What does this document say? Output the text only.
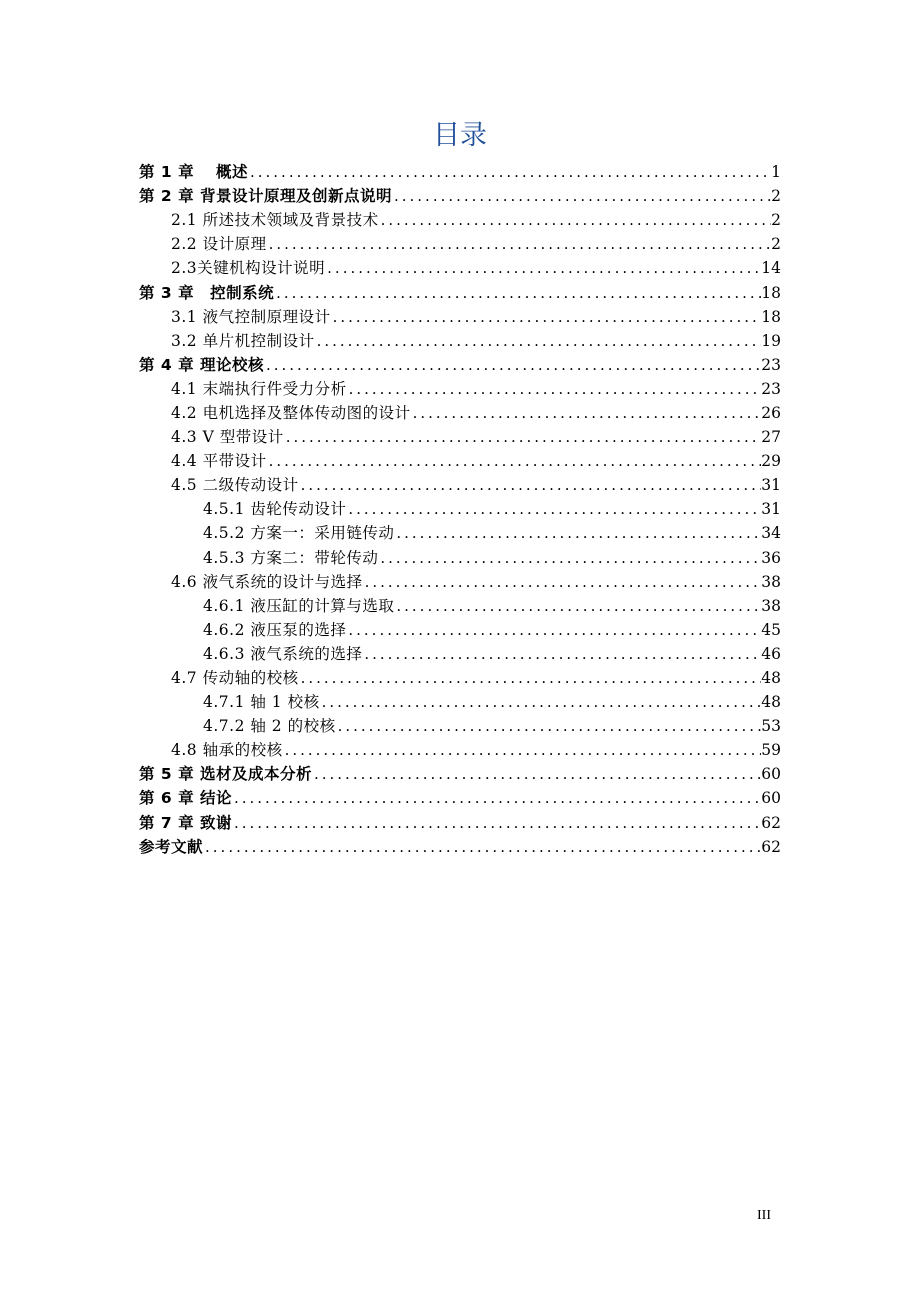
目录
第 1 章　 概述 .....	1
第 2 章 背景设计原理及创新点说明 .....	2
2.1 所述技术领域及背景技术 .....	2
2.2 设计原理 .....	2
2.3关键机构设计说明 .....	14
第 3 章　控制系统 .....	18
3.1 液气控制原理设计 .....	18
3.2 单片机控制设计 .....	19
第 4 章 理论校核 .....	23
4.1 末端执行件受力分析 .....	23
4.2 电机选择及整体传动图的设计 .....	26
4.3 V 型带设计 .....	27
4.4 平带设计 .....	29
4.5 二级传动设计 .....	31
4.5.1 齿轮传动设计 .....	31
4.5.2 方案一：采用链传动 .....	34
4.5.3 方案二：带轮传动 .....	36
4.6 液气系统的设计与选择 .....	38
4.6.1 液压缸的计算与选取 .....	38
4.6.2 液压泵的选择 .....	45
4.6.3 液气系统的选择 .....	46
4.7 传动轴的校核 .....	48
4.7.1 轴 1 校核 .....	48
4.7.2 轴 2 的校核 .....	53
4.8 轴承的校核 .....	59
第 5 章 选材及成本分析 .....	60
第 6 章 结论 .....	60
第 7 章 致谢 .....	62
参考文献 .....	62
III
